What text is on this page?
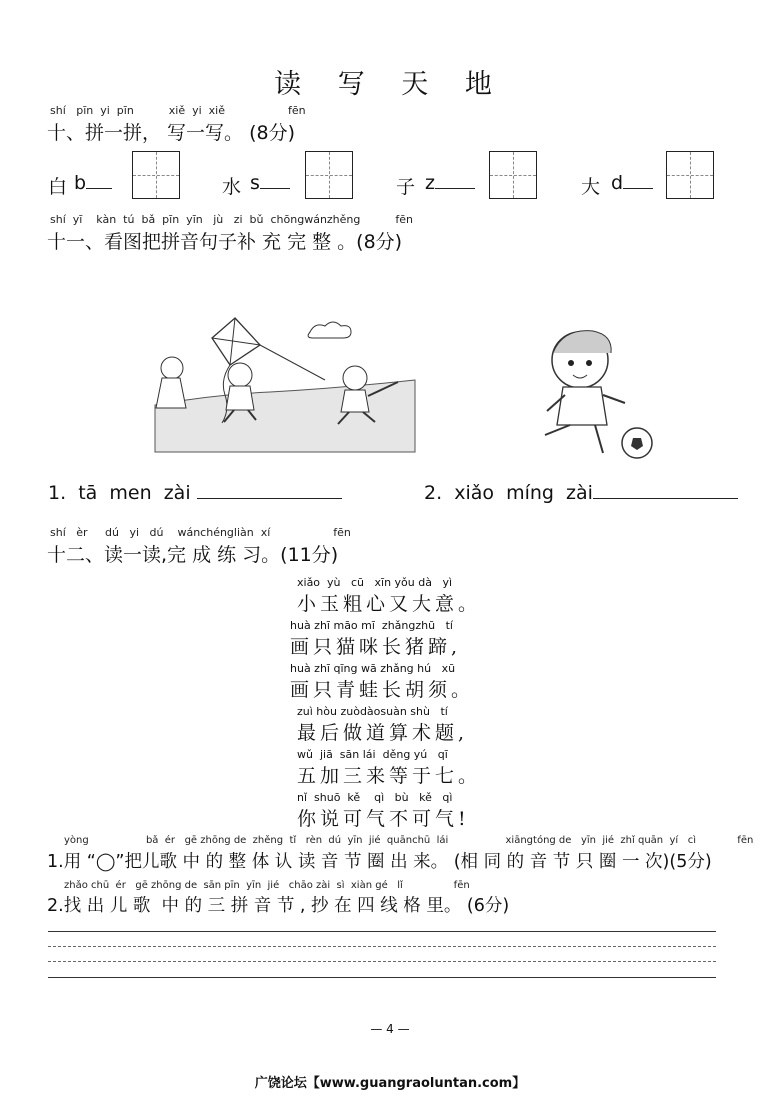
读 写 天 地
shí   pīn  yi  pīn          xiě  yi  xiě                  fēn
十、拼一拼， 写一写。 (8分)
白 b	水 s	子 z	大 d
shí  yī    kàn  tú  bǎ  pīn  yīn   jù   zi  bǔ  chōngwánzhěng          fēn
十一、看图把拼音句子补 充 完 整 。(8分)
1.  tā  men  zài	2.  xiǎo  míng  zài
shí   èr     dú   yi   dú    wánchéngliàn  xí                  fēn
十二、读一读,完 成 练 习。(11分)
xiǎo  yù   cū   xīn yǒu dà   yì
小玉粗心又大意。
huà zhī māo mī  zhǎngzhū   tí
画只猫咪长猪蹄,
huà zhī qīng wā zhǎng hú   xū
画只青蛙长胡须。
zuì hòu zuòdàosuàn shù   tí
最后做道算术题,
wǔ  jiā  sān lái  děng yú   qī
五加三来等于七。
nǐ  shuō  kě    qì   bù   kě   qì
你说可气不可气!
yòng                  bǎ  ér   gē zhōng de  zhěng  tǐ   rèn  dú  yīn  jié  quānchū  lái                  xiāngtóng de   yīn  jié  zhǐ quān  yí   cì             fēn
1.用 “◯”把儿歌 中 的 整 体 认 读 音 节 圈 出 来。 (相 同 的 音 节 只 圈 一 次)(5分)
zhǎo chū  ér   gē zhōng de  sān pīn  yīn  jié   chāo zài  sì  xiàn gé   lǐ                fēn
2.找 出 儿 歌  中 的 三 拼 音 节 , 抄 在 四 线 格 里。 (6分)
— 4 —
广饶论坛【www.guangraoluntan.com】
